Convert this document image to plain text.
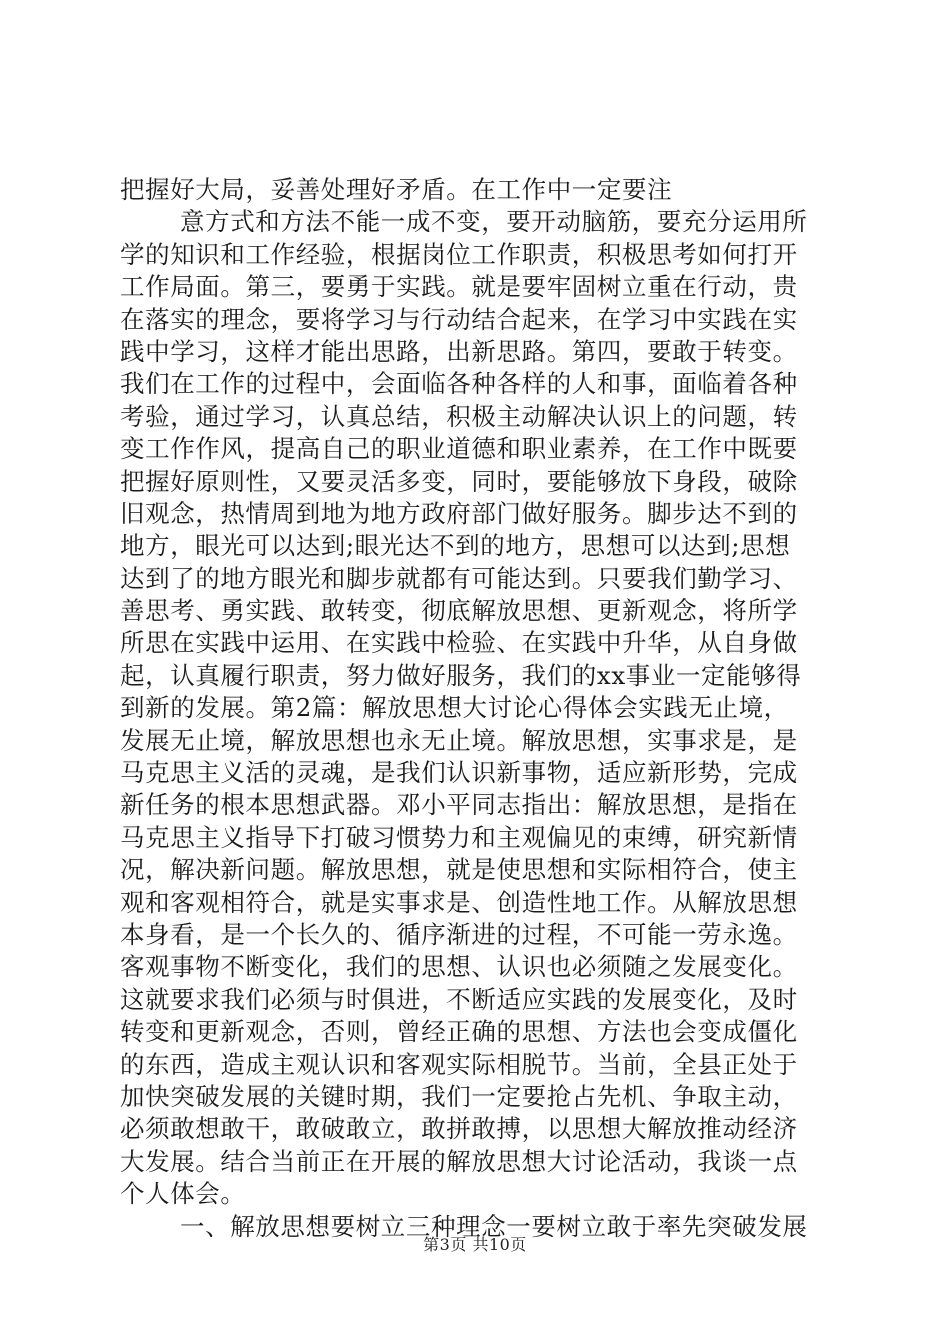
把握好大局，妥善处理好矛盾。在工作中一定要注
意方式和方法不能一成不变，要开动脑筋，要充分运用所
学的知识和工作经验，根据岗位工作职责，积极思考如何打开
工作局面。第三，要勇于实践。就是要牢固树立重在行动，贵
在落实的理念，要将学习与行动结合起来，在学习中实践在实
践中学习，这样才能出思路，出新思路。第四，要敢于转变。
我们在工作的过程中，会面临各种各样的人和事，面临着各种
考验，通过学习，认真总结，积极主动解决认识上的问题，转
变工作作风，提高自己的职业道德和职业素养，在工作中既要
把握好原则性，又要灵活多变，同时，要能够放下身段，破除
旧观念，热情周到地为地方政府部门做好服务。脚步达不到的
地方，眼光可以达到;眼光达不到的地方，思想可以达到;思想
达到了的地方眼光和脚步就都有可能达到。只要我们勤学习、
善思考、勇实践、敢转变，彻底解放思想、更新观念，将所学
所思在实践中运用、在实践中检验、在实践中升华，从自身做
起，认真履行职责，努力做好服务，我们的xx事业一定能够得
到新的发展。第2篇：解放思想大讨论心得体会实践无止境，
发展无止境，解放思想也永无止境。解放思想，实事求是，是
马克思主义活的灵魂，是我们认识新事物，适应新形势，完成
新任务的根本思想武器。邓小平同志指出：解放思想，是指在
马克思主义指导下打破习惯势力和主观偏见的束缚，研究新情
况，解决新问题。解放思想，就是使思想和实际相符合，使主
观和客观相符合，就是实事求是、创造性地工作。从解放思想
本身看，是一个长久的、循序渐进的过程，不可能一劳永逸。
客观事物不断变化，我们的思想、认识也必须随之发展变化。
这就要求我们必须与时俱进，不断适应实践的发展变化，及时
转变和更新观念，否则，曾经正确的思想、方法也会变成僵化
的东西，造成主观认识和客观实际相脱节。当前，全县正处于
加快突破发展的关键时期，我们一定要抢占先机、争取主动，
必须敢想敢干，敢破敢立，敢拼敢搏，以思想大解放推动经济
大发展。结合当前正在开展的解放思想大讨论活动，我谈一点
个人体会。
一、解放思想要树立三种理念一要树立敢于率先突破发展
第3页 共10页
